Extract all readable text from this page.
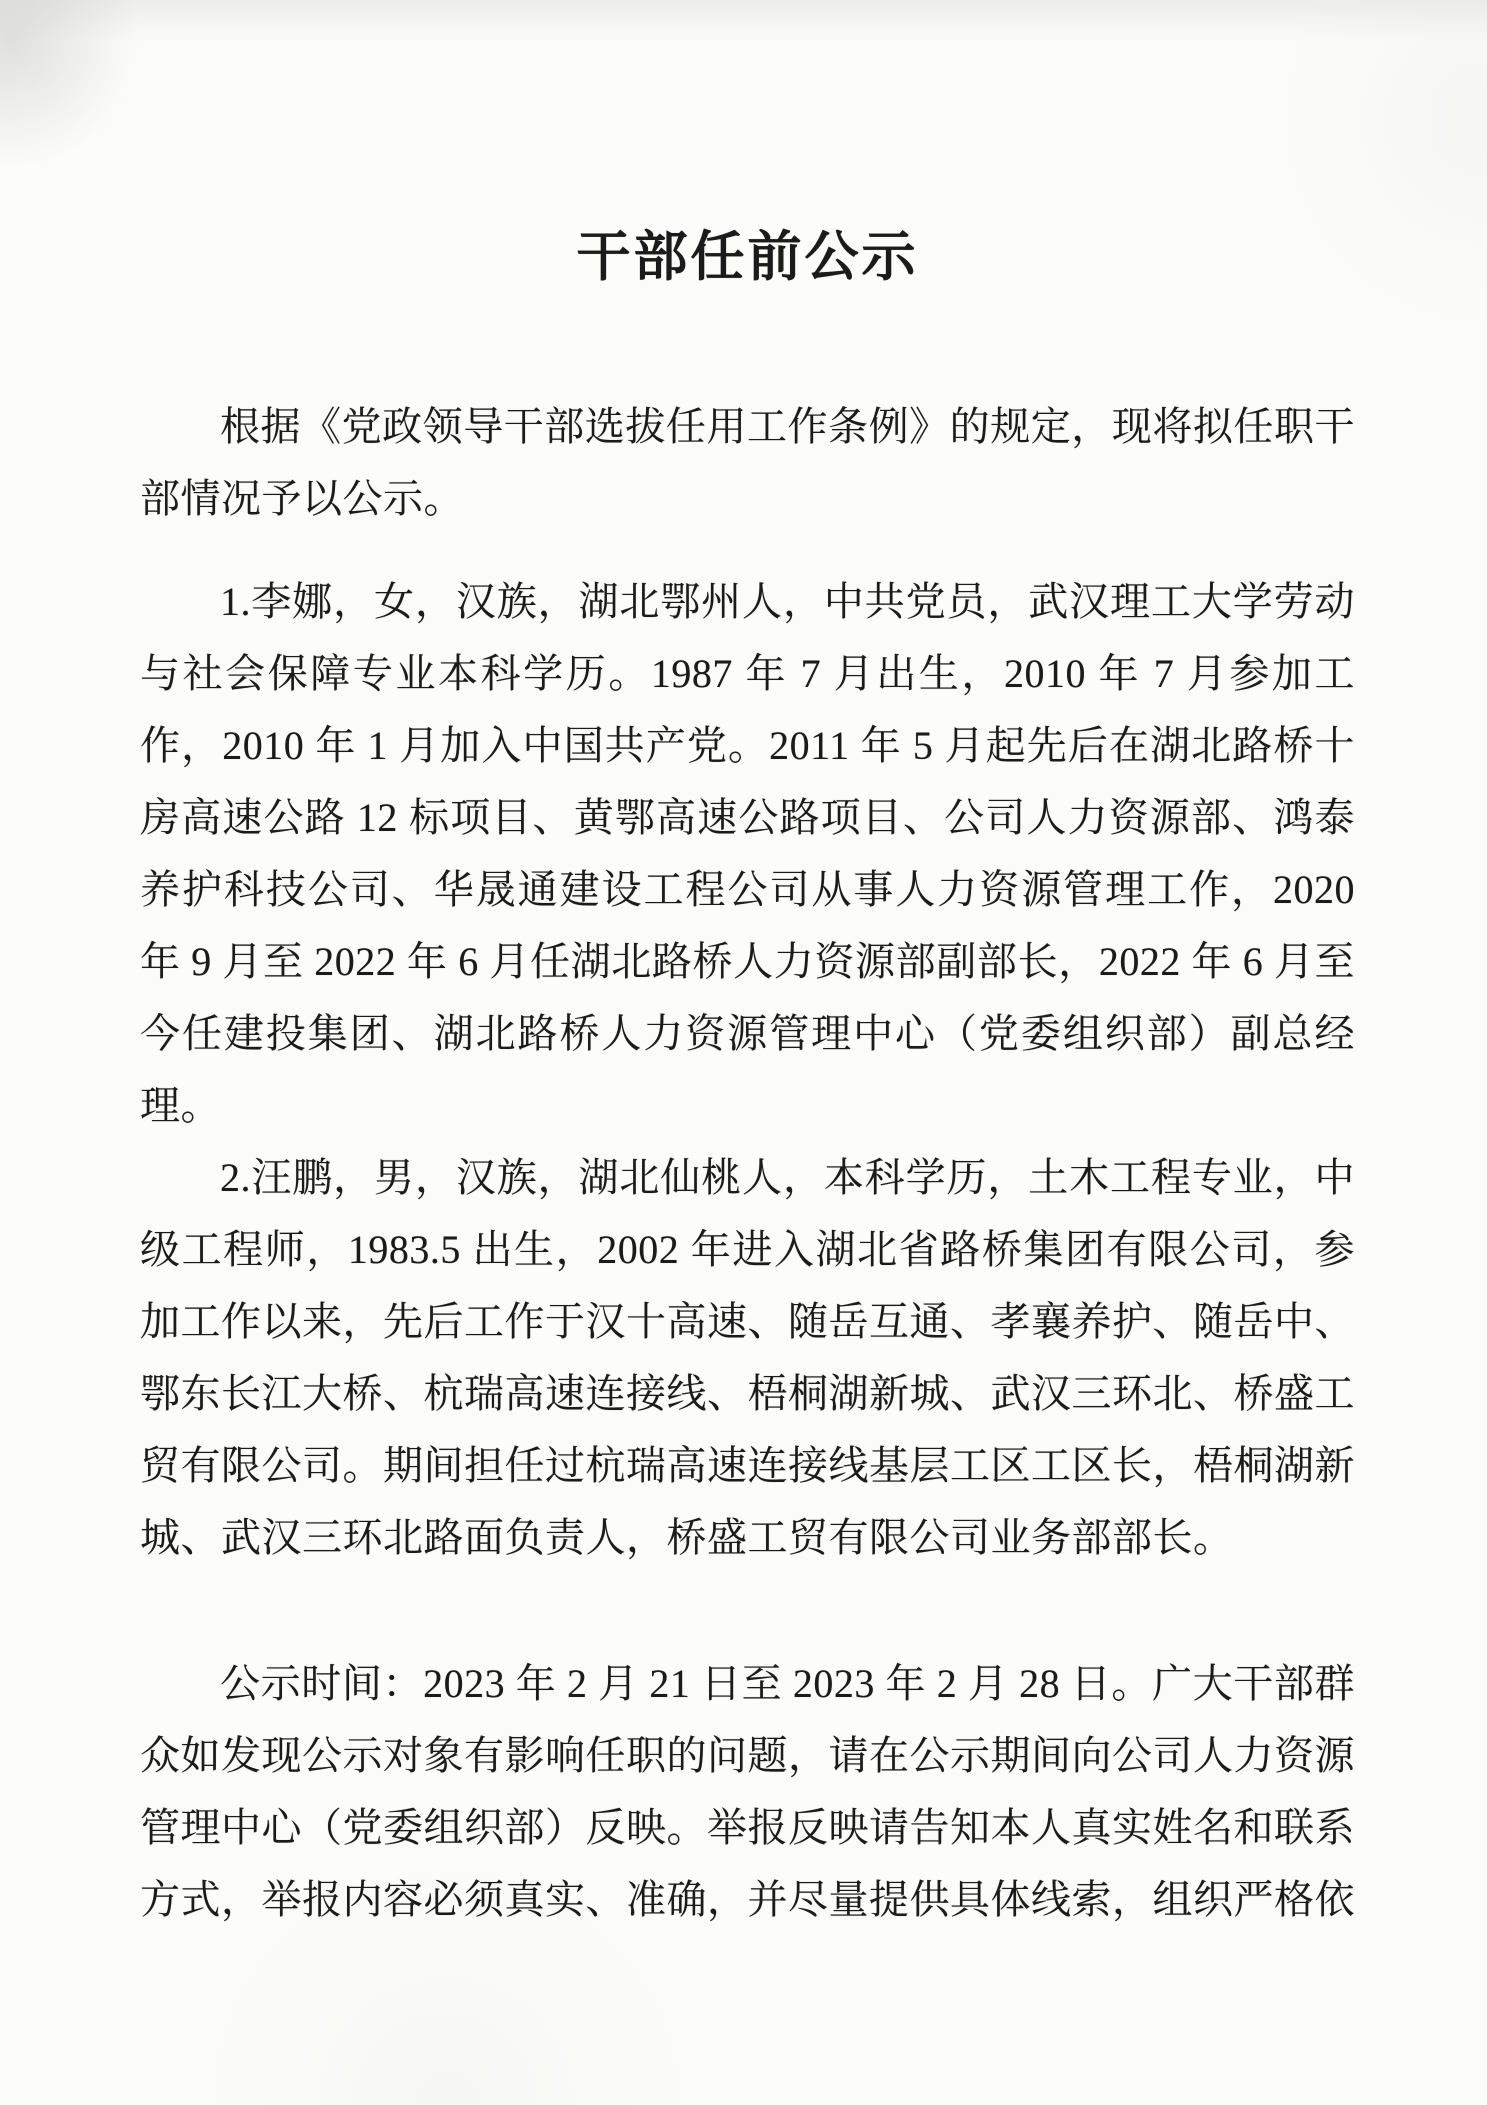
干部任前公示

根据《党政领导干部选拔任用工作条例》的规定，现将拟任职干部情况予以公示。

1.李娜，女，汉族，湖北鄂州人，中共党员，武汉理工大学劳动与社会保障专业本科学历。1987 年 7 月出生，2010 年 7 月参加工作，2010 年 1 月加入中国共产党。2011 年 5 月起先后在湖北路桥十房高速公路 12 标项目、黄鄂高速公路项目、公司人力资源部、鸿泰养护科技公司、华晟通建设工程公司从事人力资源管理工作，2020 年 9 月至 2022 年 6 月任湖北路桥人力资源部副部长，2022 年 6 月至今任建投集团、湖北路桥人力资源管理中心（党委组织部）副总经理。

2.汪鹏，男，汉族，湖北仙桃人，本科学历，土木工程专业，中级工程师，1983.5 出生，2002 年进入湖北省路桥集团有限公司，参加工作以来，先后工作于汉十高速、随岳互通、孝襄养护、随岳中、鄂东长江大桥、杭瑞高速连接线、梧桐湖新城、武汉三环北、桥盛工贸有限公司。期间担任过杭瑞高速连接线基层工区工区长，梧桐湖新城、武汉三环北路面负责人，桥盛工贸有限公司业务部部长。

公示时间：2023 年 2 月 21 日至 2023 年 2 月 28 日。广大干部群众如发现公示对象有影响任职的问题，请在公示期间向公司人力资源管理中心（党委组织部）反映。举报反映请告知本人真实姓名和联系方式，举报内容必须真实、准确，并尽量提供具体线索，组织严格依
